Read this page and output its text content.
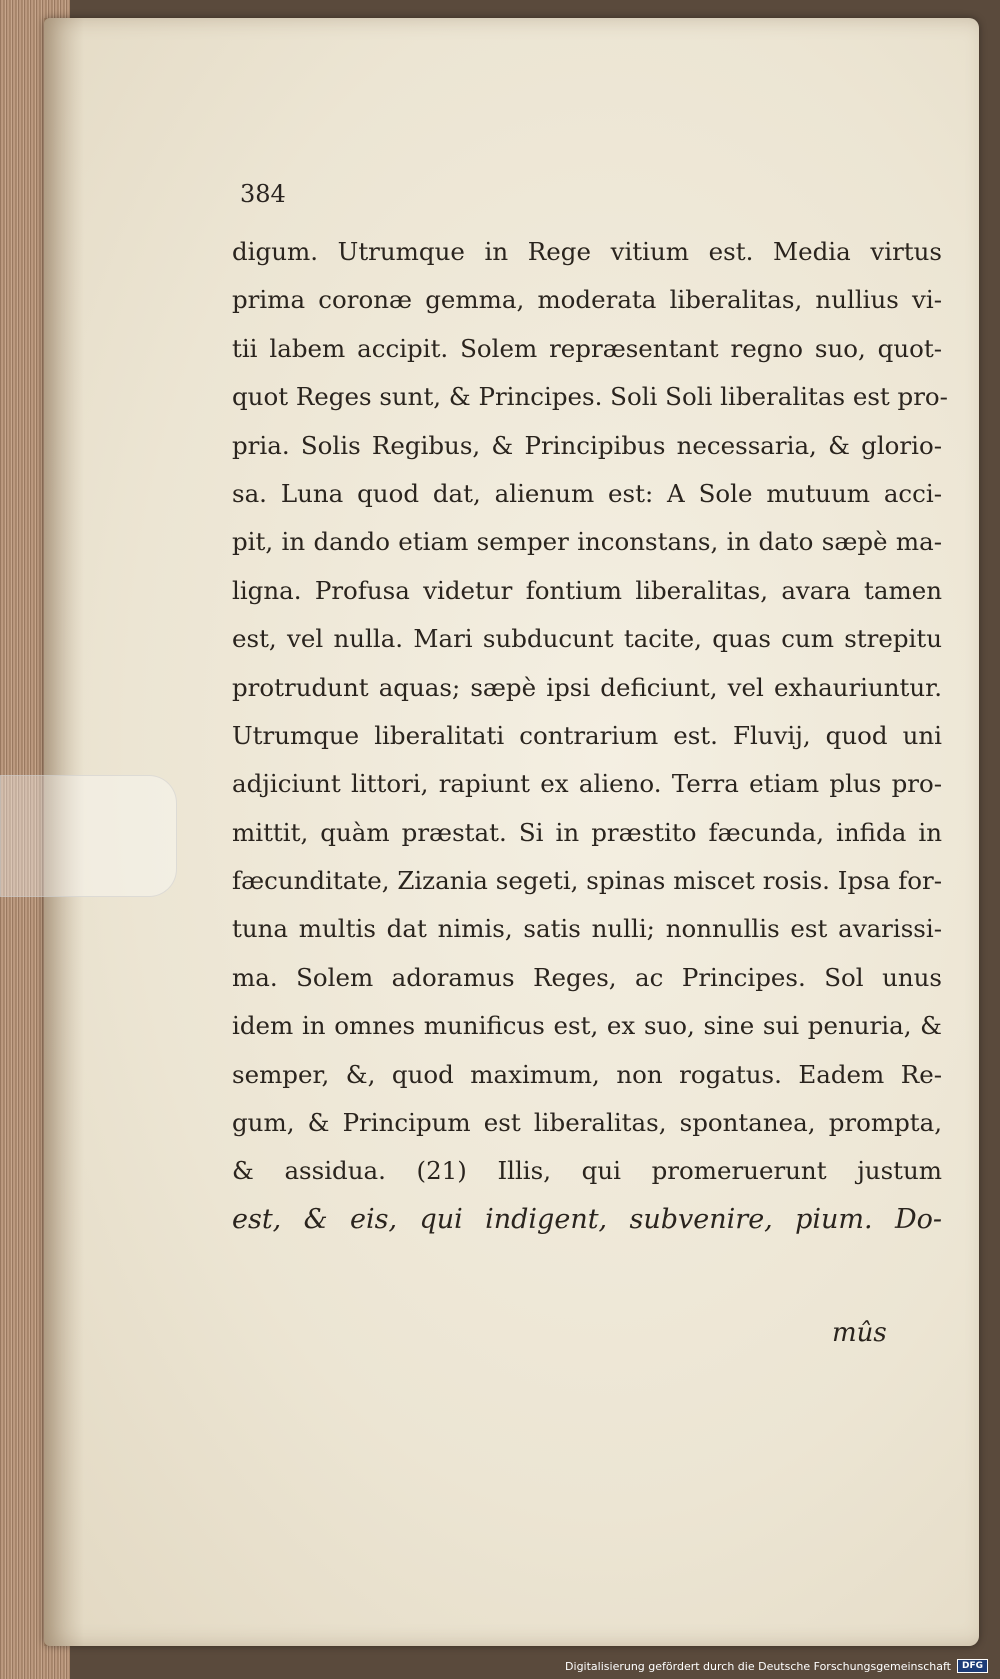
384
digum. Utrumque in Rege vitium est. Media virtus
prima coronæ gemma, moderata liberalitas, nullius vi-
tii labem accipit. Solem repræsentant regno suo, quot-
quot Reges sunt, & Principes. Soli Soli liberalitas est pro-
pria. Solis Regibus, & Principibus necessaria, & glorio-
sa. Luna quod dat, alienum est: A Sole mutuum acci-
pit, in dando etiam semper inconstans, in dato sæpè ma-
ligna. Profusa videtur fontium liberalitas, avara tamen
est, vel nulla. Mari subducunt tacite, quas cum strepitu
protrudunt aquas; sæpè ipsi deficiunt, vel exhauriuntur.
Utrumque liberalitati contrarium est. Fluvij, quod uni
adjiciunt littori, rapiunt ex alieno. Terra etiam plus pro-
mittit, quàm præstat. Si in præstito fæcunda, infida in
fæcunditate, Zizania segeti, spinas miscet rosis. Ipsa for-
tuna multis dat nimis, satis nulli; nonnullis est avarissi-
ma. Solem adoramus Reges, ac Principes. Sol unus
idem in omnes munificus est, ex suo, sine sui penuria, &
semper, &, quod maximum, non rogatus. Eadem Re-
gum, & Principum est liberalitas, spontanea, prompta,
& assidua. (21) Illis, qui promeruerunt justum
est, & eis, qui indigent, subvenire, pium. Do-
mûs
Digitalisierung gefördert durch die Deutsche Forschungsgemeinschaft	DFG
